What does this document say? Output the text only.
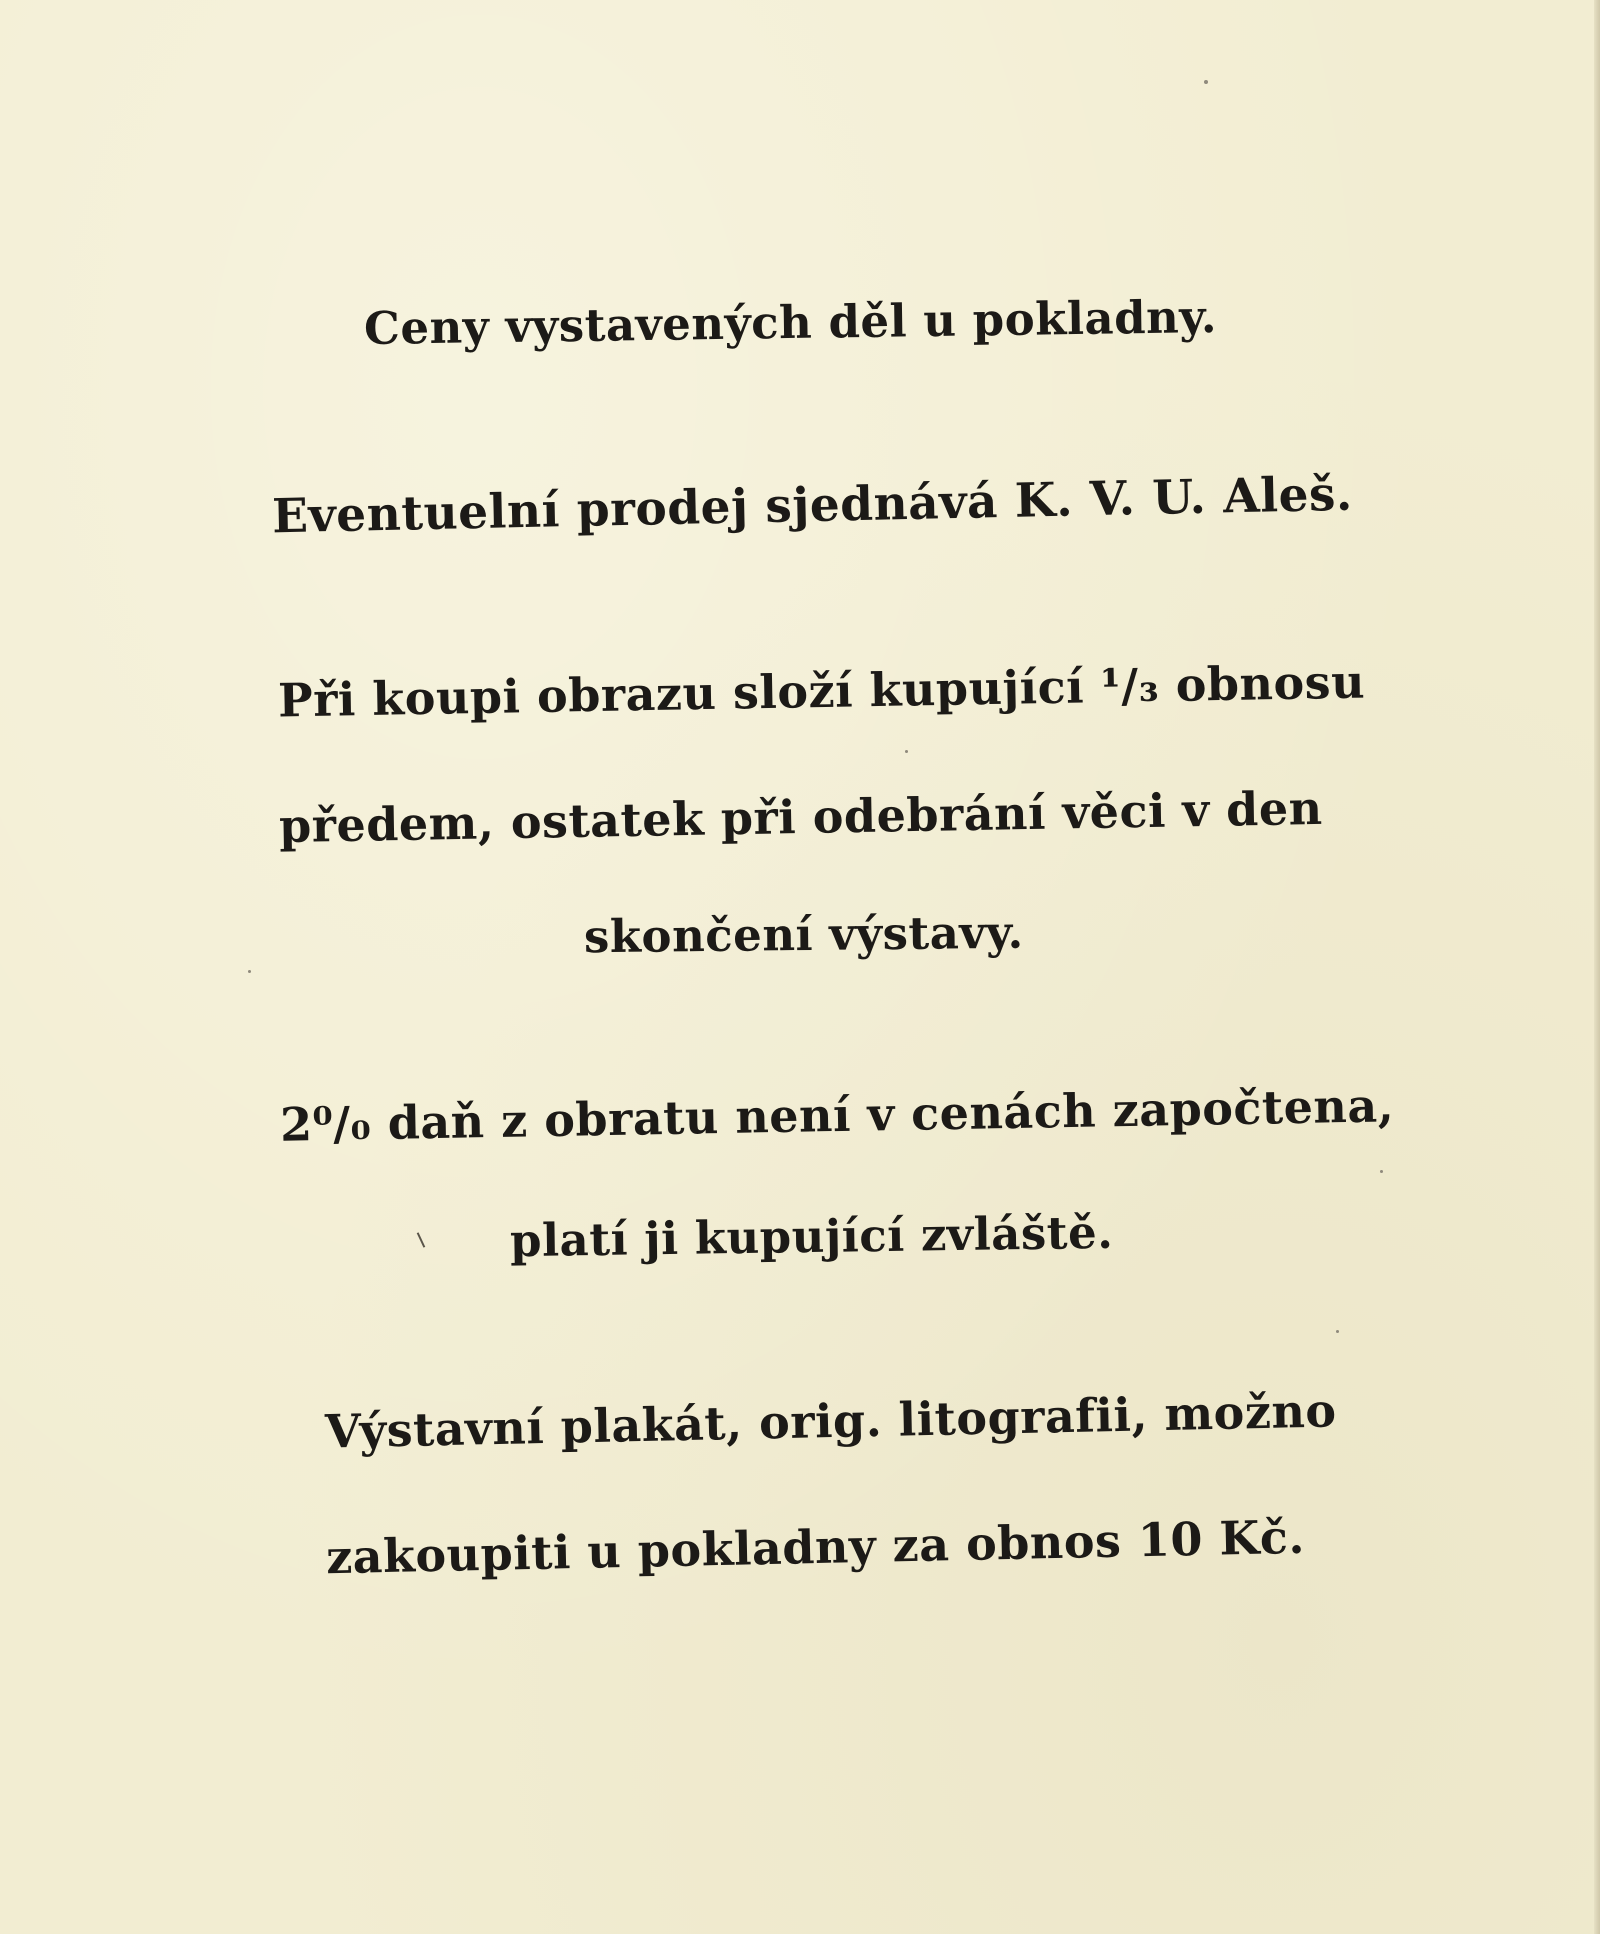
Ceny vystavených děl u pokladny.
Eventuelní prodej sjednává K. V. U. Aleš.
Při koupi obrazu složí kupující ¹/₃ obnosu
předem, ostatek při odebrání věci v den
skončení výstavy.
2⁰/₀ daň z obratu není v cenách započtena,
platí ji kupující zvláště.
Výstavní plakát, orig. litografii, možno
zakoupiti u pokladny za obnos 10 Kč.
